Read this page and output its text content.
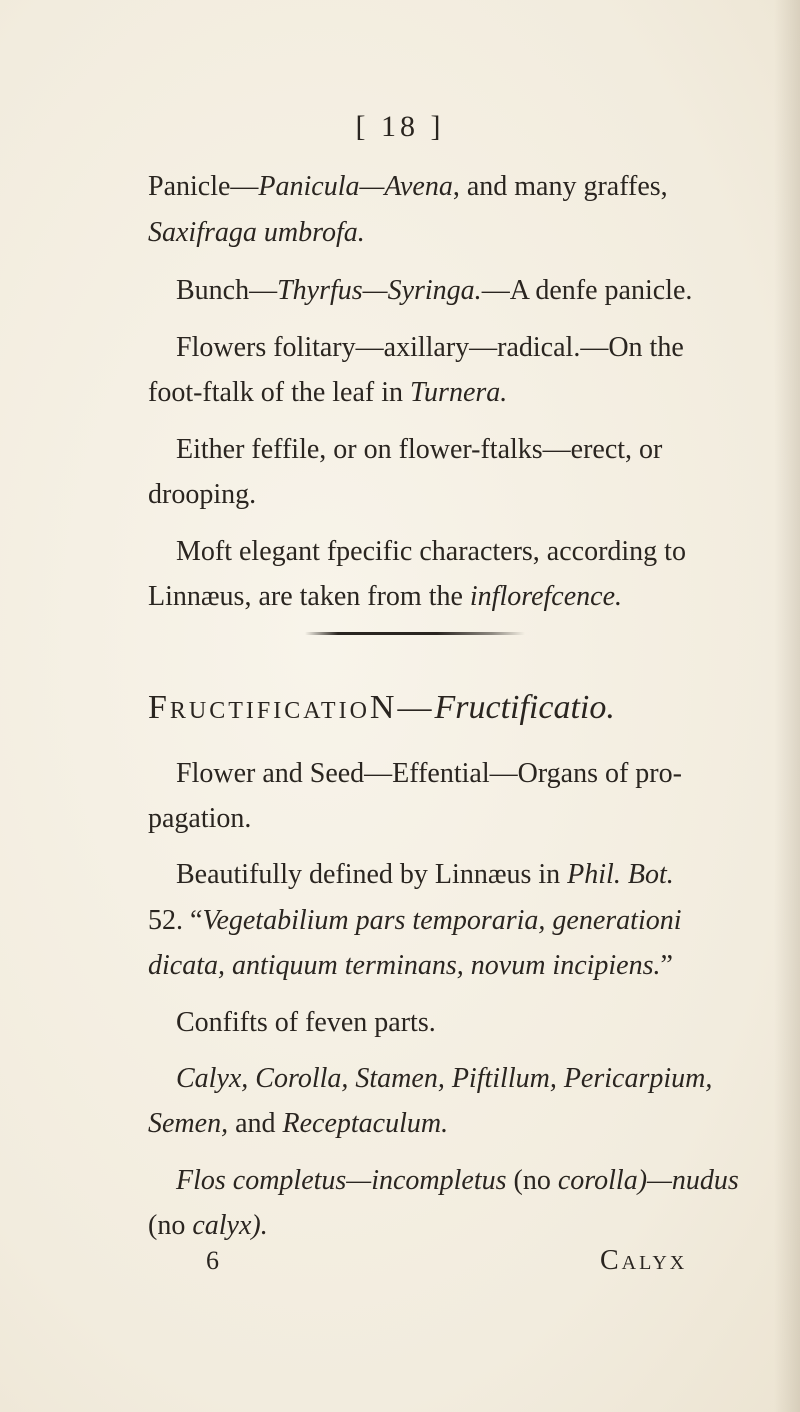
[ 18 ]
Panicle—Panicula—Avena, and many graffes,
Saxifraga umbrofa.
Bunch—Thyrfus—Syringa.—A denfe panicle.
Flowers folitary—axillary—radical.—On the
foot-ftalk of the leaf in Turnera.
Either feffile, or on flower-ftalks—erect, or
drooping.
Moft elegant fpecific characters, according to
Linnæus, are taken from the inflorefcence.
FructificatioN—Fructificatio.
Flower and Seed—Effential—Organs of pro-
pagation.
Beautifully defined by Linnæus in Phil. Bot.
52. “Vegetabilium pars temporaria, generationi
dicata, antiquum terminans, novum incipiens.”
Confifts of feven parts.
Calyx, Corolla, Stamen, Piftillum, Pericarpium,
Semen, and Receptaculum.
Flos completus—incompletus (no corolla)—nudus
(no calyx).
6	Calyx
